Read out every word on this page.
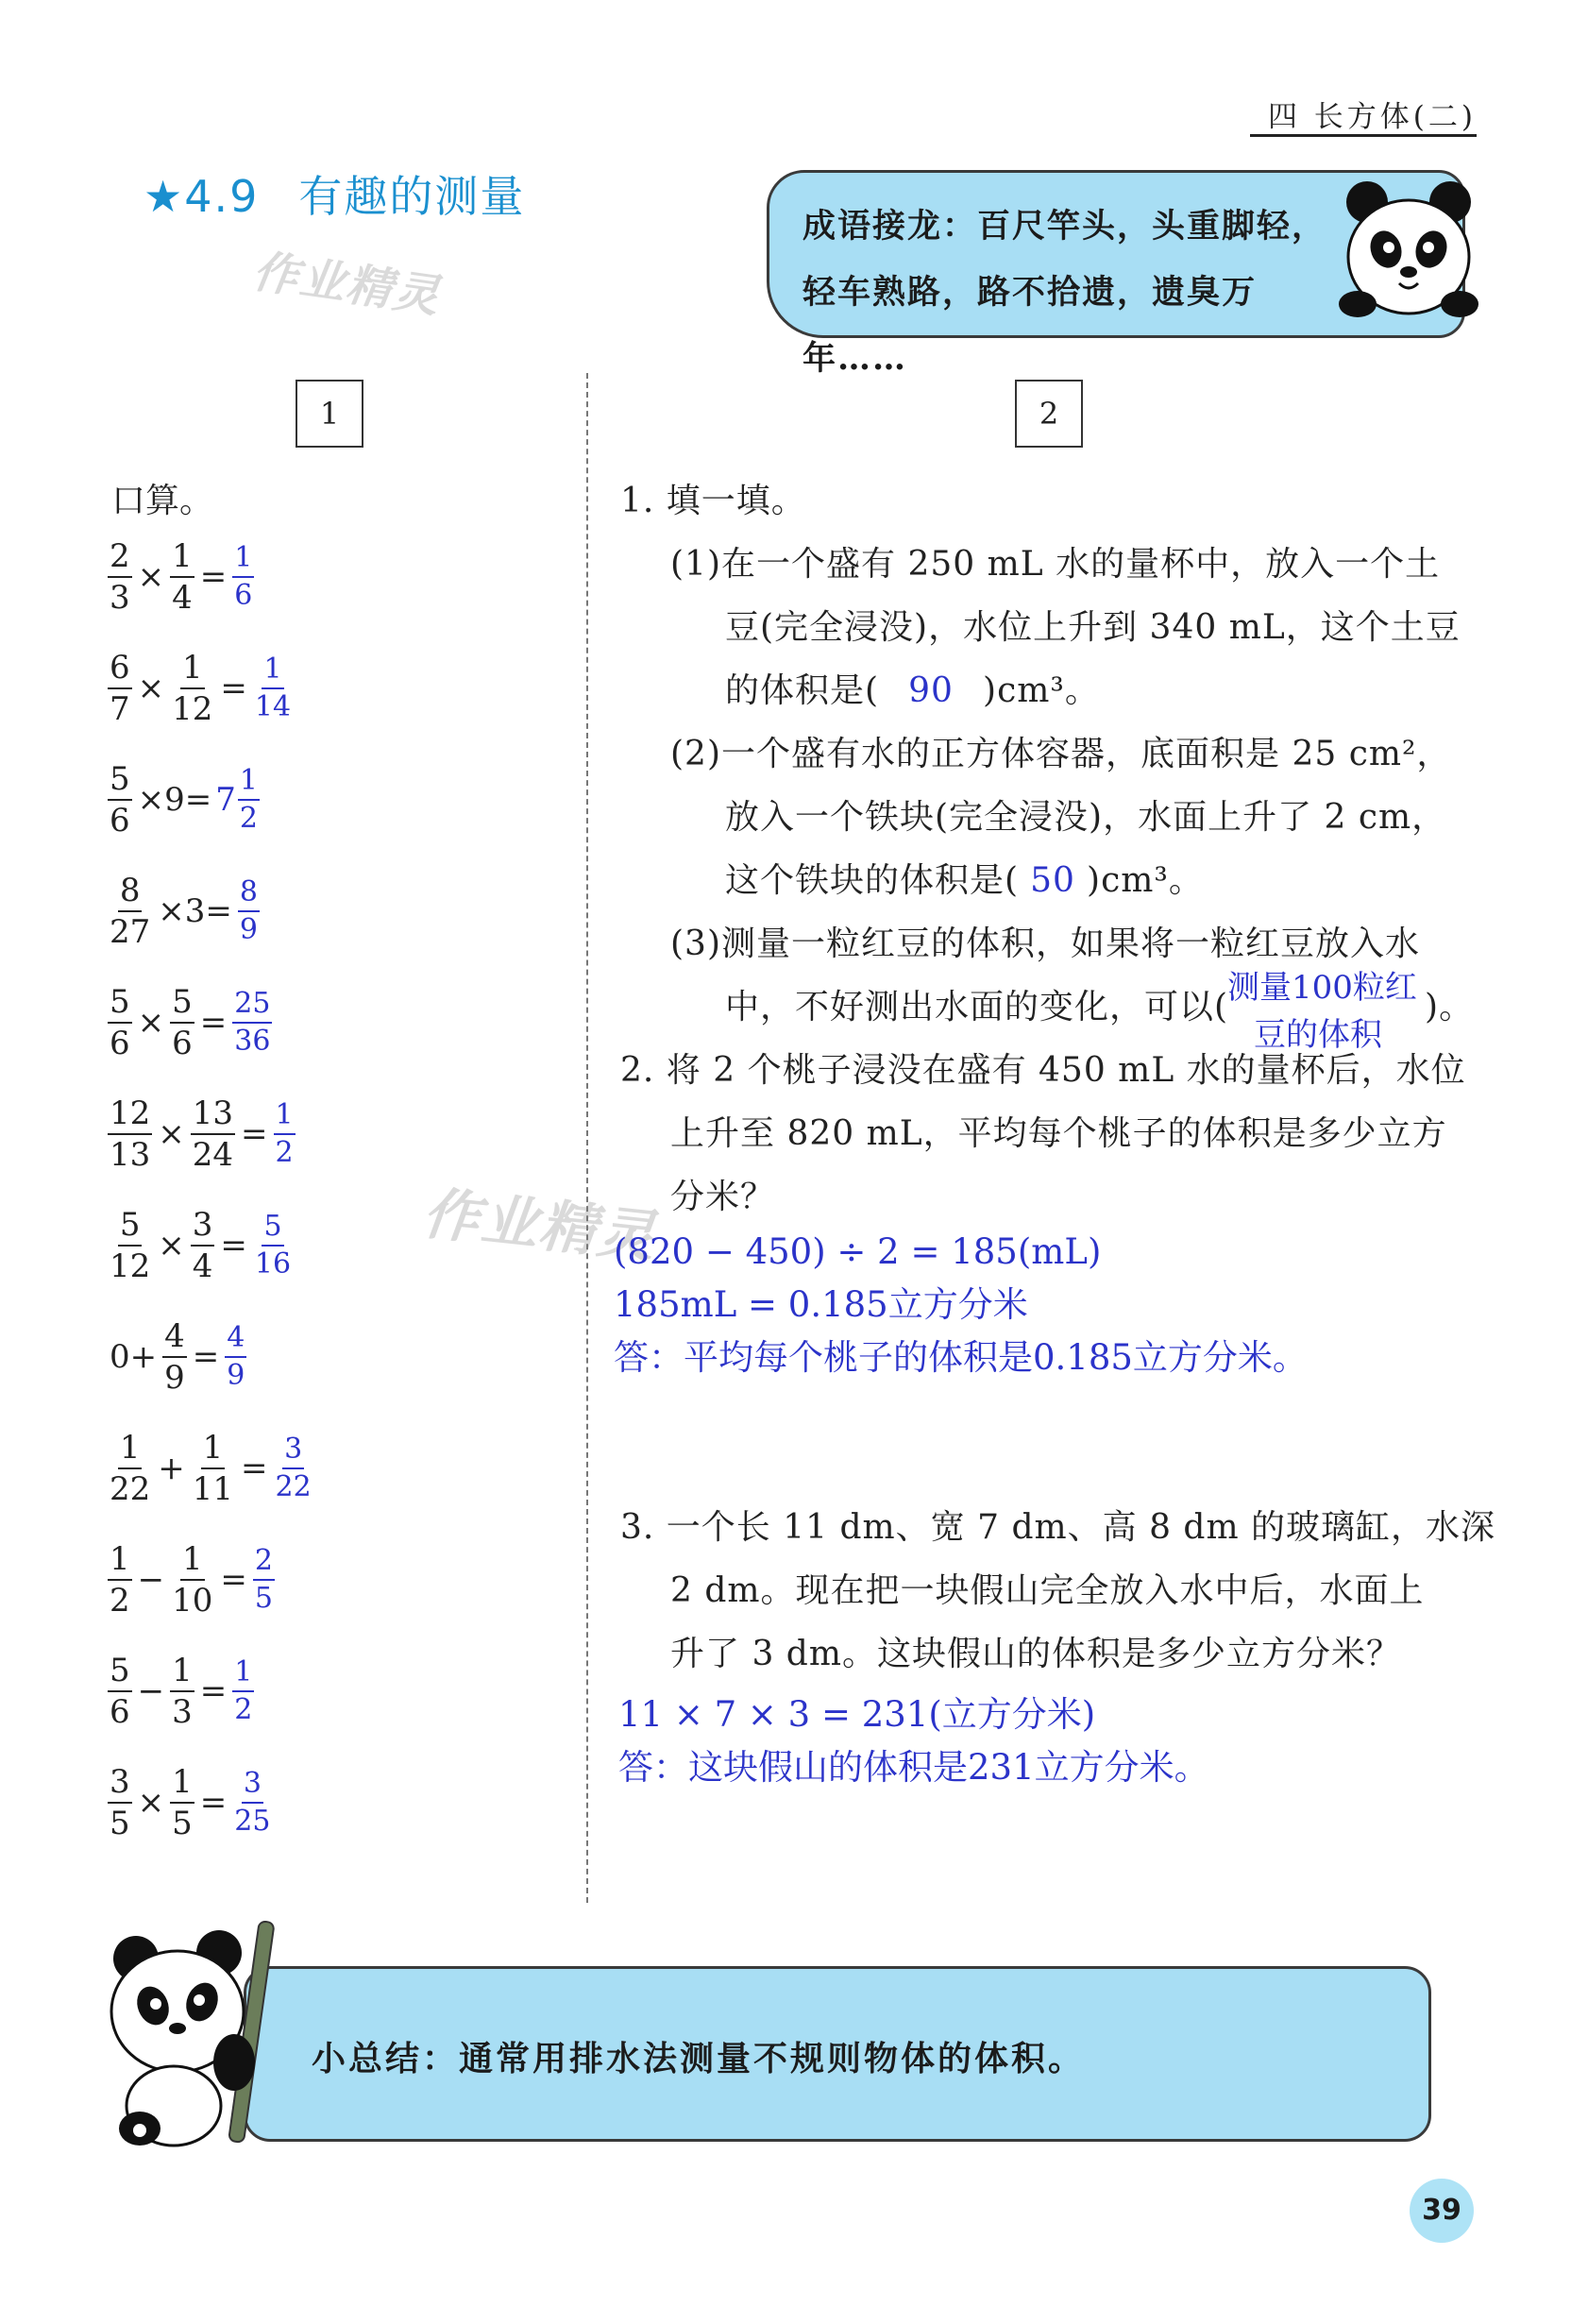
四 长方体(二)
★4.9 有趣的测量
作业精灵
作业精灵
成语接龙：百尺竿头，头重脚轻，轻车熟路，路不拾遗，遗臭万年……
1	2
口算。
$\frac{2}{3} \times \frac{1}{4} = \frac{1}{6}$
$\frac{6}{7} \times \frac{1}{12} = \frac{1}{14}$
$\frac{5}{6} \times 9= 7 \frac{1}{2}$
$\frac{8}{27} \times 3= \frac{8}{9}$
$\frac{5}{6} \times \frac{5}{6} = \frac{25}{36}$
$\frac{12}{13} \times \frac{13}{24} = \frac{1}{2}$
$\frac{5}{12} \times \frac{3}{4} = \frac{5}{16}$
$0+ \frac{4}{9} = \frac{4}{9}$
$\frac{1}{22} + \frac{1}{11} = \frac{3}{22}$
$\frac{1}{2} - \frac{1}{10} = \frac{2}{5}$
$\frac{5}{6} - \frac{1}{3} = \frac{1}{2}$
$\frac{3}{5} \times \frac{1}{5} = \frac{3}{25}$
1. 填一填。
(1)在一个盛有 250 mL 水的量杯中，放入一个土
豆(完全浸没)，水位上升到 340 mL，这个土豆
的体积是( 90 )cm³。
(2)一个盛有水的正方体容器，底面积是 25 cm²，
放入一个铁块(完全浸没)，水面上升了 2 cm，
这个铁块的体积是( 50 )cm³。
(3)测量一粒红豆的体积，如果将一粒红豆放入水
中，不好测出水面的变化，可以(	)。
测量100粒红
豆的体积
2. 将 2 个桃子浸没在盛有 450 mL 水的量杯后，水位
上升至 820 mL，平均每个桃子的体积是多少立方
分米？
(820 − 450) ÷ 2 = 185(mL)
185mL = 0.185立方分米
答：平均每个桃子的体积是0.185立方分米。
3. 一个长 11 dm、宽 7 dm、高 8 dm 的玻璃缸，水深
2 dm。现在把一块假山完全放入水中后，水面上
升了 3 dm。这块假山的体积是多少立方分米？
11 × 7 × 3 = 231(立方分米)
答：这块假山的体积是231立方分米。
小总结：通常用排水法测量不规则物体的体积。
39
